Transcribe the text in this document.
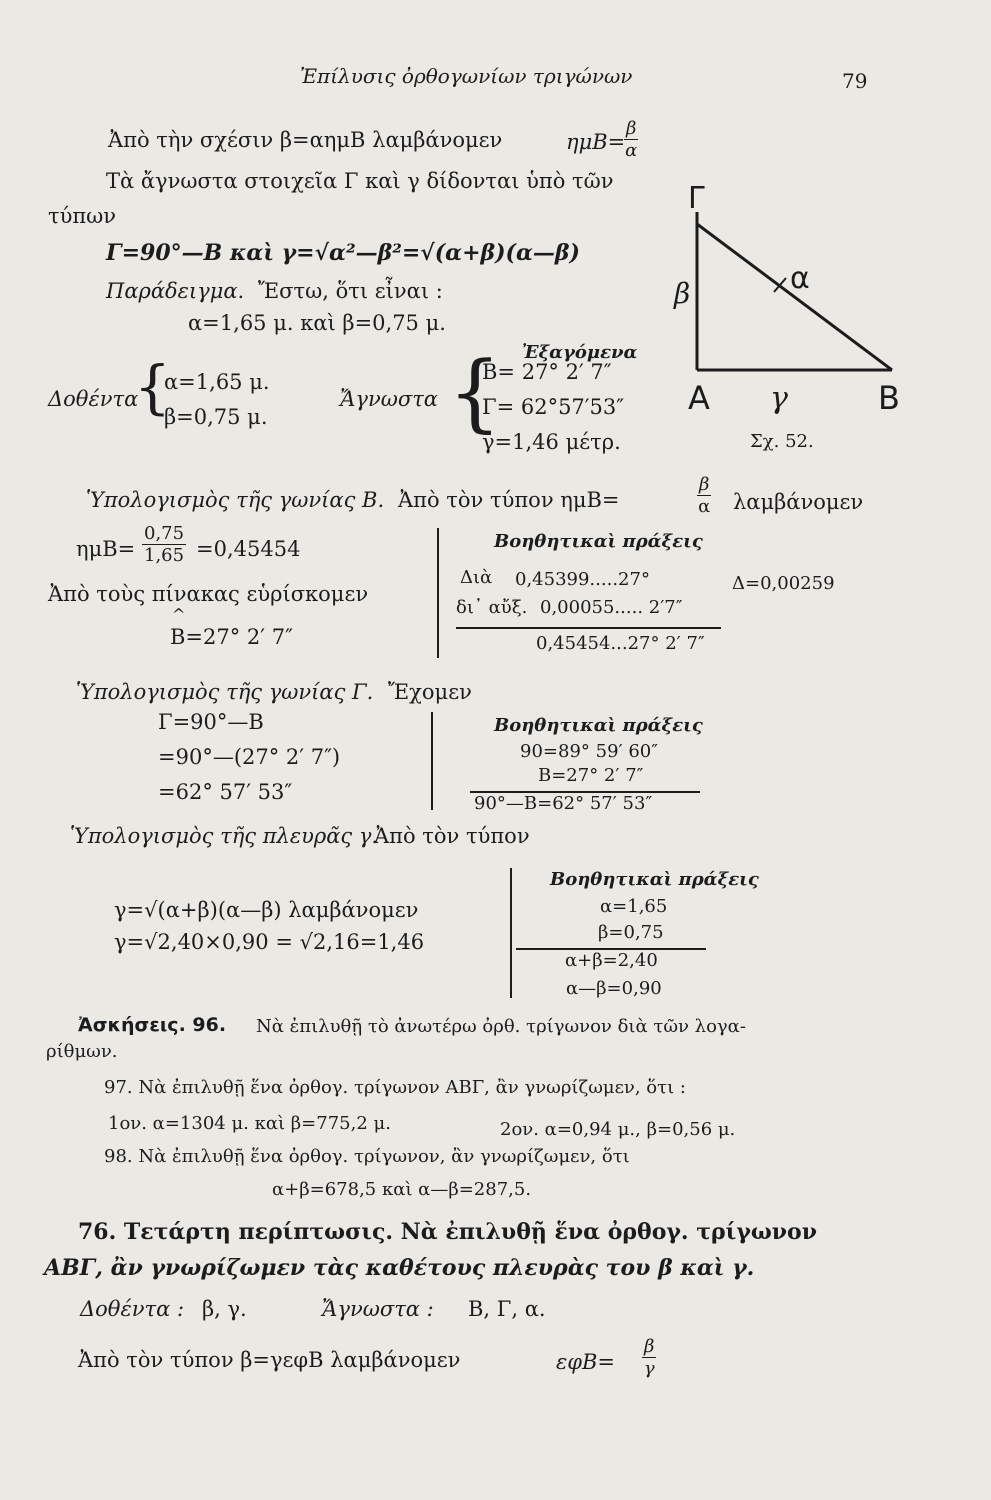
Ἐπίλυσις ὀρθογωνίων τριγώνων	79
Ἀπὸ τὴν σχέσιν β=αημΒ λαμβάνομεν	ημΒ=
$\frac{\beta}{\alpha}$
Τὰ ἄγνωστα στοιχεῖα Γ καὶ γ δίδονται ὑπὸ τῶν
τύπων
Γ=90°—Β καὶ γ=√α²—β²=√(α+β)(α—β)
Παράδειγμα. Ἔστω, ὅτι εἶναι :
α=1,65 μ. καὶ β=0,75 μ.
Γ
β	α
Α γ	Β
Σχ. 52.
Δοθέντα
{
α=1,65 μ.
β=0,75 μ.
Ἄγνωστα
Ἐξαγόμενα
{
Β= 27° 2′ 7″
Γ= 62°57′53″
γ=1,46 μέτρ.
Ὑπολογισμὸς τῆς γωνίας Β. Ἀπὸ τὸν τύπον ημΒ=	$\frac{\beta}{\alpha}$ λαμβάνομεν
$\eta\mu B= \frac{0,75}{1,65} =0,45454$
Ἀπὸ τοὺς πίνακας εὑρίσκομεν
Β=27° 2′ 7″
^
Βοηθητικαὶ πράξεις
Διὰ 0,45399.....27°	Δ=0,00259
δι᾽ αὔξ. 0,00055..... 2′7″
0,45454...27° 2′ 7″
Ὑπολογισμὸς τῆς γωνίας Γ. Ἔχομεν
Γ=90°—Β
=90°—(27° 2′ 7″)
=62° 57′ 53″
Βοηθητικαὶ πράξεις
90=89° 59′ 60″
Β=27° 2′ 7″
90°—Β=62° 57′ 53″
Ὑπολογισμὸς τῆς πλευρᾶς γ.
Ἀπὸ τὸν τύπον
γ=√(α+β)(α—β) λαμβάνομεν
γ=√2,40×0,90 = √2,16=1,46
Βοηθητικαὶ πράξεις
α=1,65
β=0,75
α+β=2,40
α—β=0,90
Ἀσκήσεις. 96. Νὰ ἐπιλυθῇ τὸ ἀνωτέρω ὀρθ. τρίγωνον διὰ τῶν λογα-
ρίθμων.
97. Νὰ ἐπιλυθῇ ἕνα ὀρθογ. τρίγωνον ΑΒΓ, ἂν γνωρίζωμεν, ὅτι :
1ον. α=1304 μ. καὶ β=775,2 μ.	2ον. α=0,94 μ., β=0,56 μ.
98. Νὰ ἐπιλυθῇ ἕνα ὀρθογ. τρίγωνον, ἂν γνωρίζωμεν, ὅτι
α+β=678,5 καὶ α—β=287,5.
76. Τετάρτη περίπτωσις. Νὰ ἐπιλυθῇ ἕνα ὀρθογ. τρίγωνον
ΑΒΓ, ἂν γνωρίζωμεν τὰς καθέτους πλευρὰς του β καὶ γ.
Δοθέντα : β, γ.	Ἄγνωστα : Β, Γ, α.
Ἀπὸ τὸν τύπον β=γεφΒ λαμβάνομεν	$\varepsilon\varphi B= \frac{\beta}{\gamma}$
